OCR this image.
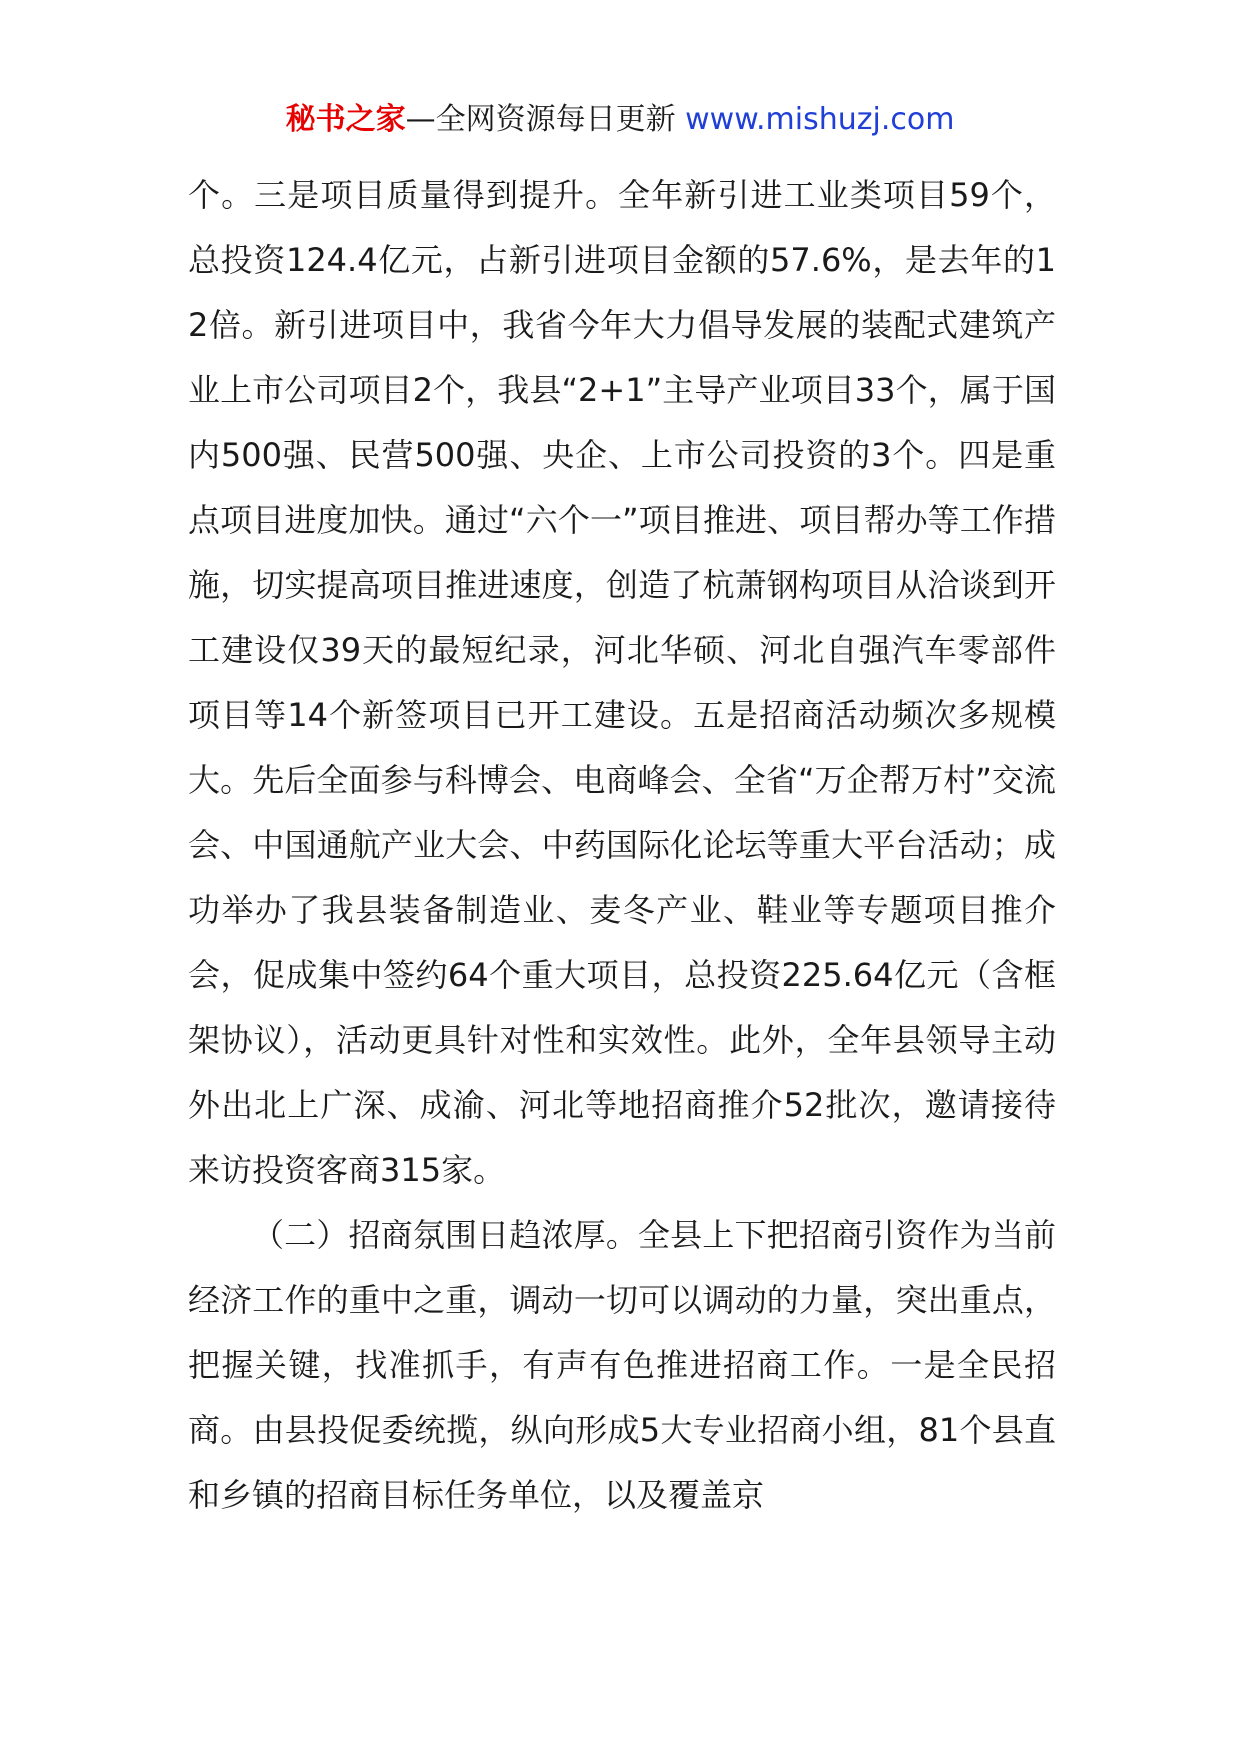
秘书之家—全网资源每日更新 www.mishuzj.com

个。三是项目质量得到提升。全年新引进工业类项目59个，总投资124.4亿元，占新引进项目金额的57.6%，是去年的12倍。新引进项目中，我省今年大力倡导发展的装配式建筑产业上市公司项目2个，我县“2+1”主导产业项目33个，属于国内500强、民营500强、央企、上市公司投资的3个。四是重点项目进度加快。通过“六个一”项目推进、项目帮办等工作措施，切实提高项目推进速度，创造了杭萧钢构项目从洽谈到开工建设仅39天的最短纪录，河北华硕、河北自强汽车零部件项目等14个新签项目已开工建设。五是招商活动频次多规模大。先后全面参与科博会、电商峰会、全省“万企帮万村”交流会、中国通航产业大会、中药国际化论坛等重大平台活动；成功举办了我县装备制造业、麦冬产业、鞋业等专题项目推介会，促成集中签约64个重大项目，总投资225.64亿元（含框架协议），活动更具针对性和实效性。此外，全年县领导主动外出北上广深、成渝、河北等地招商推介52批次，邀请接待来访投资客商315家。

（二）招商氛围日趋浓厚。全县上下把招商引资作为当前经济工作的重中之重，调动一切可以调动的力量，突出重点，把握关键，找准抓手，有声有色推进招商工作。一是全民招商。由县投促委统揽，纵向形成5大专业招商小组，81个县直和乡镇的招商目标任务单位，以及覆盖京
